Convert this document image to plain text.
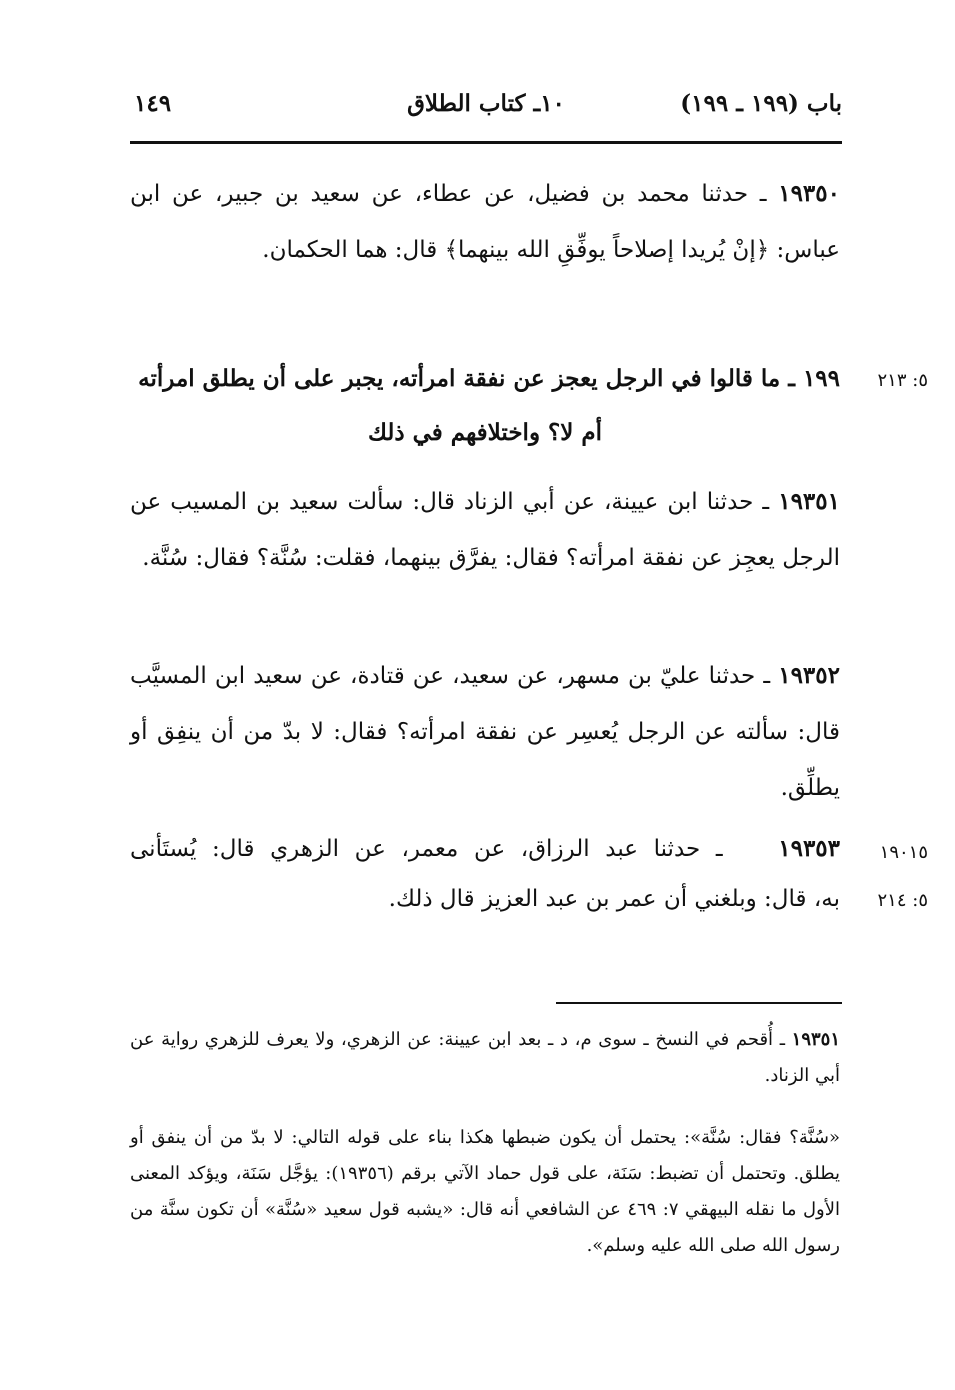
باب (١٩٩ ـ ١٩٩)
١٠ـ كتاب الطلاق
١٤٩
١٩٣٥٠ ـ حدثنا محمد بن فضيل، عن عطاء، عن سعيد بن جبير، عن ابن عباس: ﴿إنْ يُريدا إصلاحاً يوفِّقِ الله بينهما﴾ قال: هما الحكمان.
٥: ٢١٣
١٩٩ ـ ما قالوا في الرجل يعجز عن نفقة امرأته، يجبر على أن يطلق امرأته
أم لا؟ واختلافهم في ذلك
١٩٣٥١ ـ حدثنا ابن عيينة، عن أبي الزناد قال: سألت سعيد بن المسيب عن الرجل يعجِز عن نفقة امرأته؟ فقال: يفرَّق بينهما، فقلت: سُنَّة؟ فقال: سُنَّة.
١٩٣٥٢ ـ حدثنا عليّ بن مسهر، عن سعيد، عن قتادة، عن سعيد ابن المسيَّب قال: سألته عن الرجل يُعسِر عن نفقة امرأته؟ فقال: لا بدّ من أن ينفِق أو يطلِّق.
١٩٠١٥
٥: ٢١٤
١٩٣٥٣ ـ حدثنا عبد الرزاق، عن معمر، عن الزهري قال: يُستَأنى
به، قال: وبلغني أن عمر بن عبد العزيز قال ذلك.
١٩٣٥١ ـ أُقحم في النسخ ـ سوى م، د ـ بعد ابن عيينة: عن الزهري، ولا يعرف للزهري رواية عن أبي الزناد.
«سُنَّة؟ فقال: سُنَّة»: يحتمل أن يكون ضبطها هكذا بناء على قوله التالي: لا بدّ من أن ينفق أو يطلق. وتحتمل أن تضبط: سَنَة، على قول حماد الآتي برقم (١٩٣٥٦): يؤجَّل سَنَة، ويؤكد المعنى الأول ما نقله البيهقي ٧: ٤٦٩ عن الشافعي أنه قال: «يشبه قول سعيد «سُنَّة» أن تكون سنَّة من رسول الله صلى الله عليه وسلم».
